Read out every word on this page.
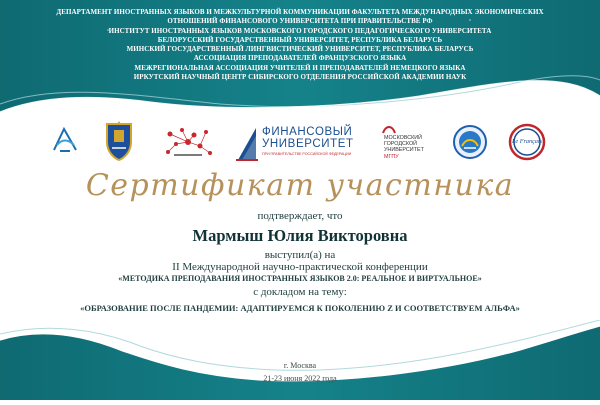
ДЕПАРТАМЕНТ ИНОСТРАННЫХ ЯЗЫКОВ И МЕЖКУЛЬТУРНОЙ КОММУНИКАЦИИ ФАКУЛЬТЕТА МЕЖДУНАРОДНЫХ ЭКОНОМИЧЕСКИХ
ОТНОШЕНИЙ ФИНАНСОВОГО УНИВЕРСИТЕТА ПРИ ПРАВИТЕЛЬСТВЕ РФ
ИНСТИТУТ ИНОСТРАННЫХ ЯЗЫКОВ МОСКОВСКОГО ГОРОДСКОГО ПЕДАГОГИЧЕСКОГО УНИВЕРСИТЕТА
БЕЛОРУССКИЙ ГОСУДАРСТВЕННЫЙ УНИВЕРСИТЕТ, РЕСПУБЛИКА БЕЛАРУСЬ
МИНСКИЙ ГОСУДАРСТВЕННЫЙ ЛИНГВИСТИЧЕСКИЙ УНИВЕРСИТЕТ, РЕСПУБЛИКА БЕЛАРУСЬ
АССОЦИАЦИЯ ПРЕПОДАВАТЕЛЕЙ ФРАНЦУЗСКОГО ЯЗЫКА
МЕЖРЕГИОНАЛЬНАЯ АССОЦИАЦИЯ УЧИТЕЛЕЙ И ПРЕПОДАВАТЕЛЕЙ НЕМЕЦКОГО ЯЗЫКА
ИРКУТСКИЙ НАУЧНЫЙ ЦЕНТР СИБИРСКОГО ОТДЕЛЕНИЯ РОССИЙСКОЙ АКАДЕМИИ НАУК
ФИНАНСОВЫЙ
УНИВЕРСИТЕТ
ПРИ ПРАВИТЕЛЬСТВЕ РОССИЙСКОЙ ФЕДЕРАЦИИ
МОСКОВСКИЙ
ГОРОДСКОЙ
УНИВЕРСИТЕТ
МГПУ
Le Français
Сертификат участника
подтверждает, что
Мармыш Юлия Викторовна
выступил(а) на
II Международной научно-практической конференции
«МЕТОДИКА ПРЕПОДАВАНИЯ ИНОСТРАННЫХ ЯЗЫКОВ 2.0: РЕАЛЬНОЕ И ВИРТУАЛЬНОЕ»
с докладом на тему:
«ОБРАЗОВАНИЕ ПОСЛЕ ПАНДЕМИИ: АДАПТИРУЕМСЯ К ПОКОЛЕНИЮ Z И СООТВЕТСТВУЕМ АЛЬФА»
г. Москва
21-23 июня 2022 года
